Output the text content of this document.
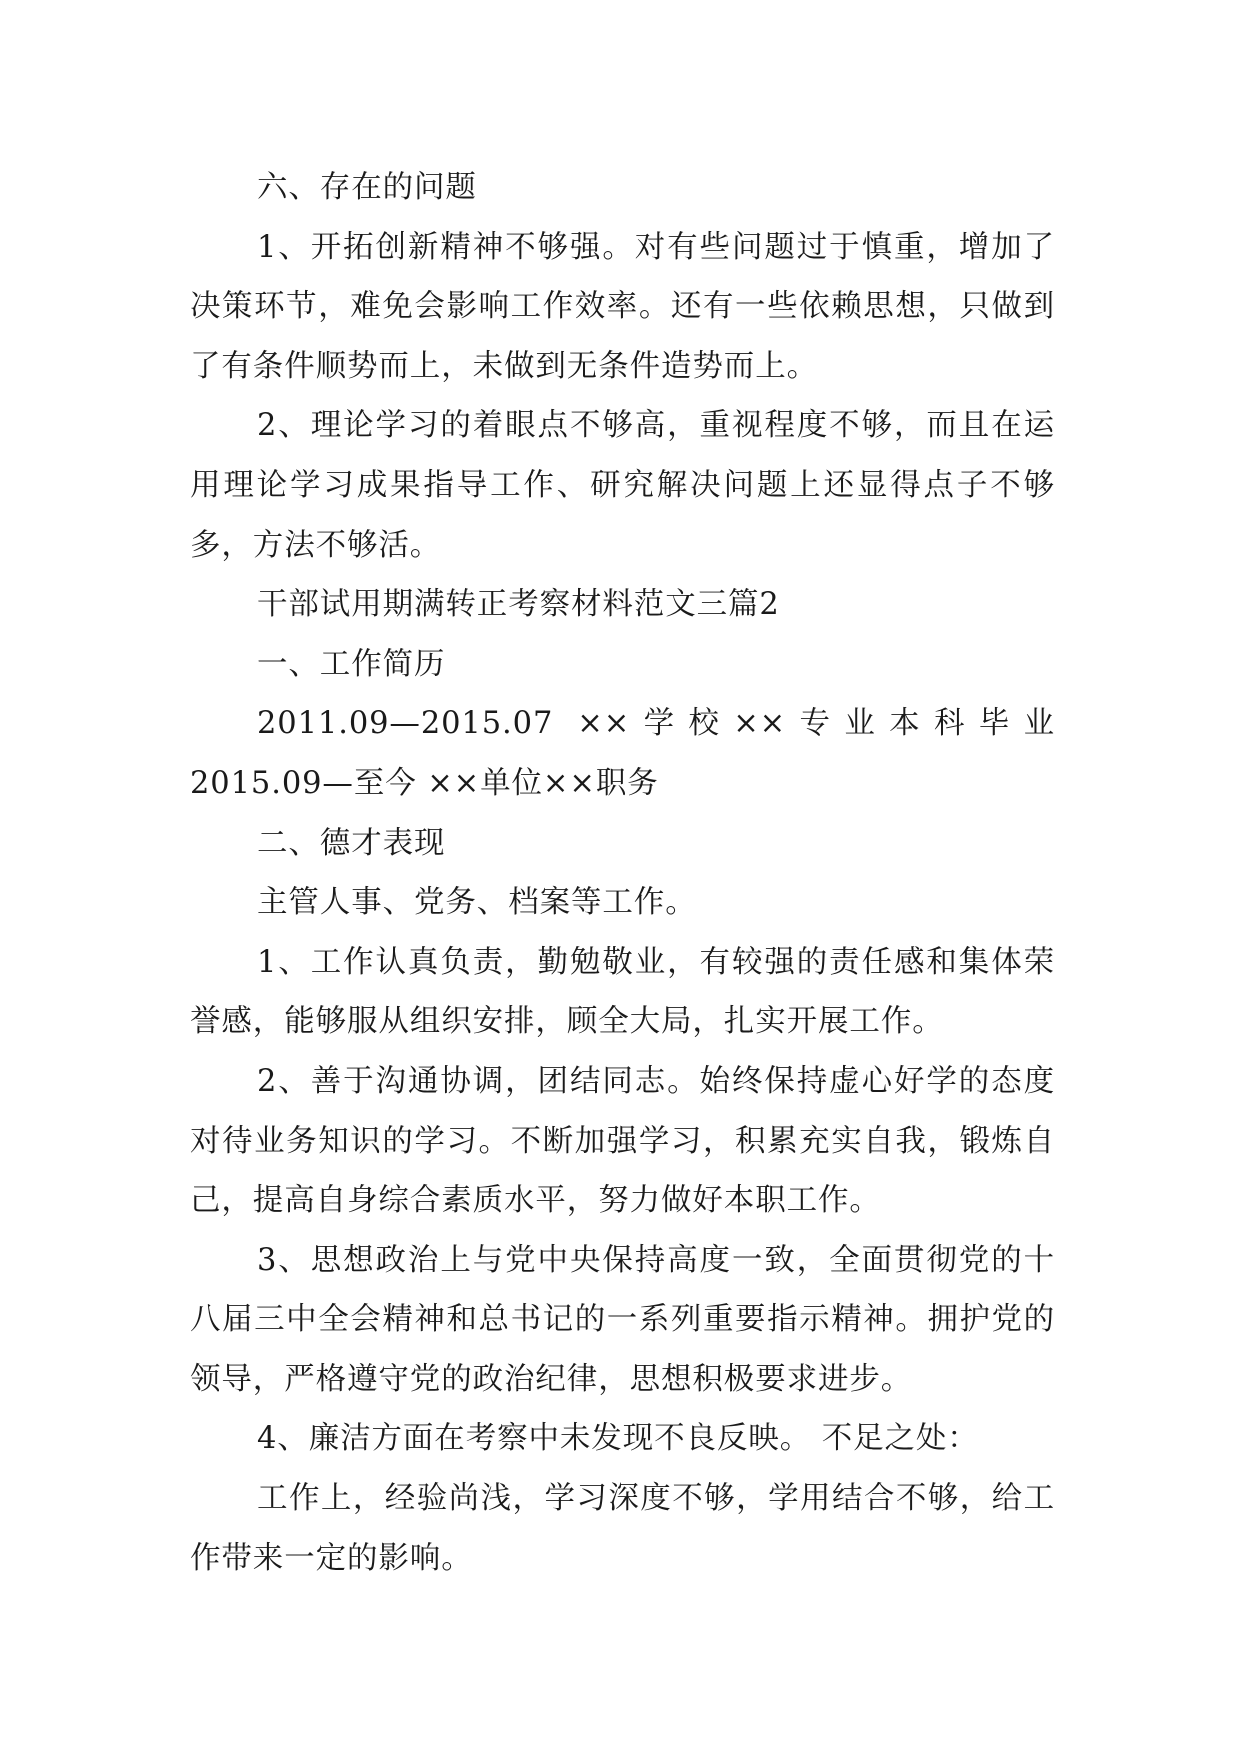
六、存在的问题

1、开拓创新精神不够强。对有些问题过于慎重，增加了决策环节，难免会影响工作效率。还有一些依赖思想，只做到了有条件顺势而上，未做到无条件造势而上。

2、理论学习的着眼点不够高，重视程度不够，而且在运用理论学习成果指导工作、研究解决问题上还显得点子不够多，方法不够活。

干部试用期满转正考察材料范文三篇2

一、工作简历

2011.09—2015.07 ××学校××专业本科毕业

2015.09—至今 ××单位××职务

二、德才表现

主管人事、党务、档案等工作。

1、工作认真负责，勤勉敬业，有较强的责任感和集体荣誉感，能够服从组织安排，顾全大局，扎实开展工作。

2、善于沟通协调，团结同志。始终保持虚心好学的态度对待业务知识的学习。不断加强学习，积累充实自我，锻炼自己，提高自身综合素质水平，努力做好本职工作。

3、思想政治上与党中央保持高度一致，全面贯彻党的十八届三中全会精神和总书记的一系列重要指示精神。拥护党的领导，严格遵守党的政治纪律，思想积极要求进步。

4、廉洁方面在考察中未发现不良反映。 不足之处：

工作上，经验尚浅，学习深度不够，学用结合不够，给工作带来一定的影响。
